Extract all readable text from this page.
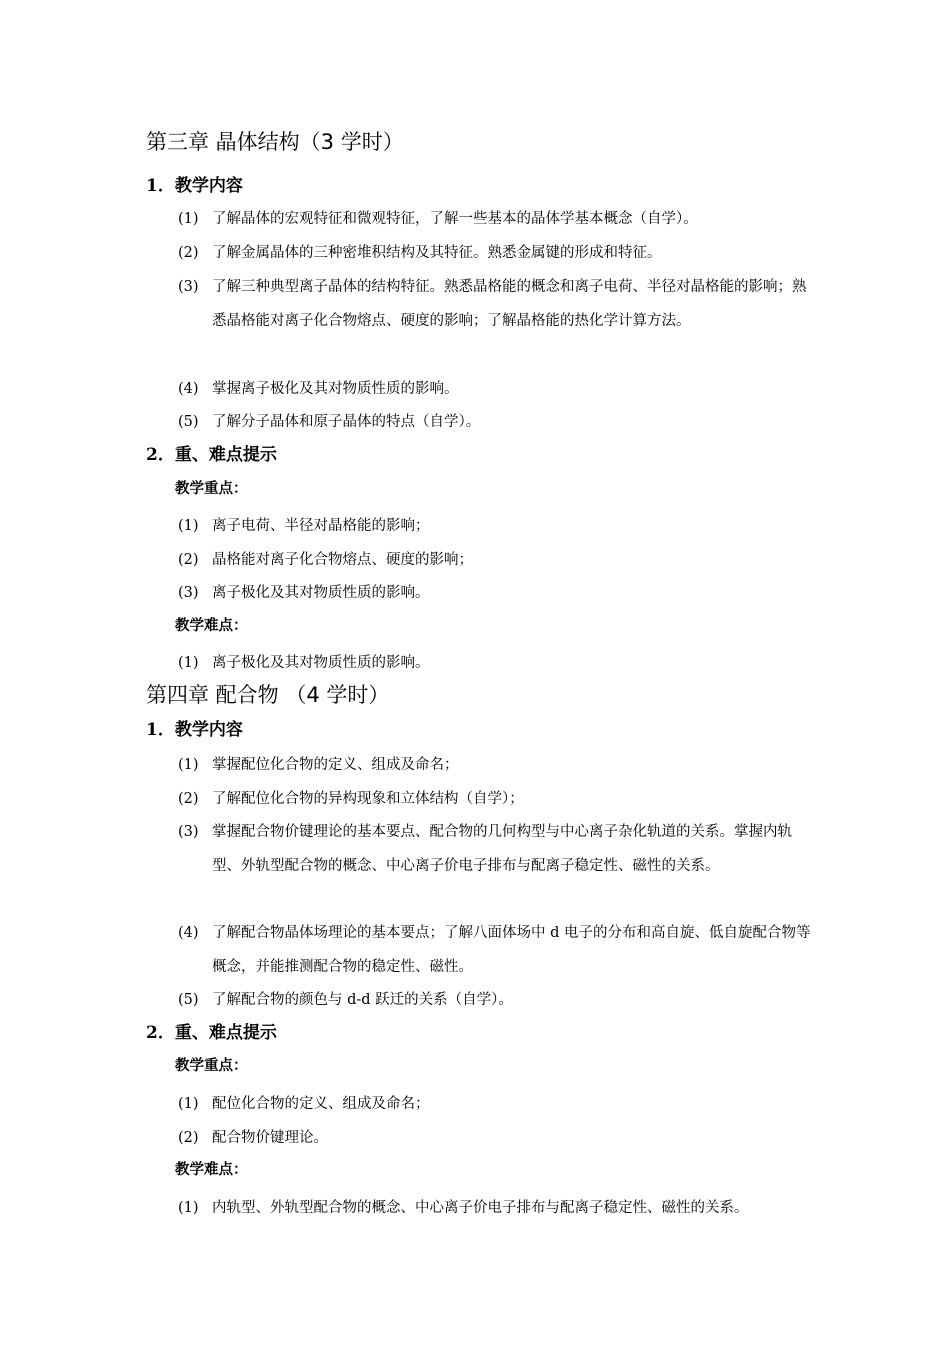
第三章 晶体结构（3 学时）
1．教学内容
(1) 了解晶体的宏观特征和微观特征，了解一些基本的晶体学基本概念（自学）。
(2) 了解金属晶体的三种密堆积结构及其特征。熟悉金属键的形成和特征。
(3) 了解三种典型离子晶体的结构特征。熟悉晶格能的概念和离子电荷、半径对晶格能的影响；熟悉晶格能对离子化合物熔点、硬度的影响；了解晶格能的热化学计算方法。
(4) 掌握离子极化及其对物质性质的影响。
(5) 了解分子晶体和原子晶体的特点（自学）。
2．重、难点提示
教学重点：
(1) 离子电荷、半径对晶格能的影响；
(2) 晶格能对离子化合物熔点、硬度的影响；
(3) 离子极化及其对物质性质的影响。
教学难点：
(1) 离子极化及其对物质性质的影响。
第四章 配合物 （4 学时）
1．教学内容
(1) 掌握配位化合物的定义、组成及命名；
(2) 了解配位化合物的异构现象和立体结构（自学）；
(3) 掌握配合物价键理论的基本要点、配合物的几何构型与中心离子杂化轨道的关系。掌握内轨型、外轨型配合物的概念、中心离子价电子排布与配离子稳定性、磁性的关系。
(4) 了解配合物晶体场理论的基本要点；了解八面体场中 d 电子的分布和高自旋、低自旋配合物等概念，并能推测配合物的稳定性、磁性。
(5) 了解配合物的颜色与 d-d 跃迁的关系（自学）。
2．重、难点提示
教学重点：
(1) 配位化合物的定义、组成及命名；
(2) 配合物价键理论。
教学难点：
(1) 内轨型、外轨型配合物的概念、中心离子价电子排布与配离子稳定性、磁性的关系。
